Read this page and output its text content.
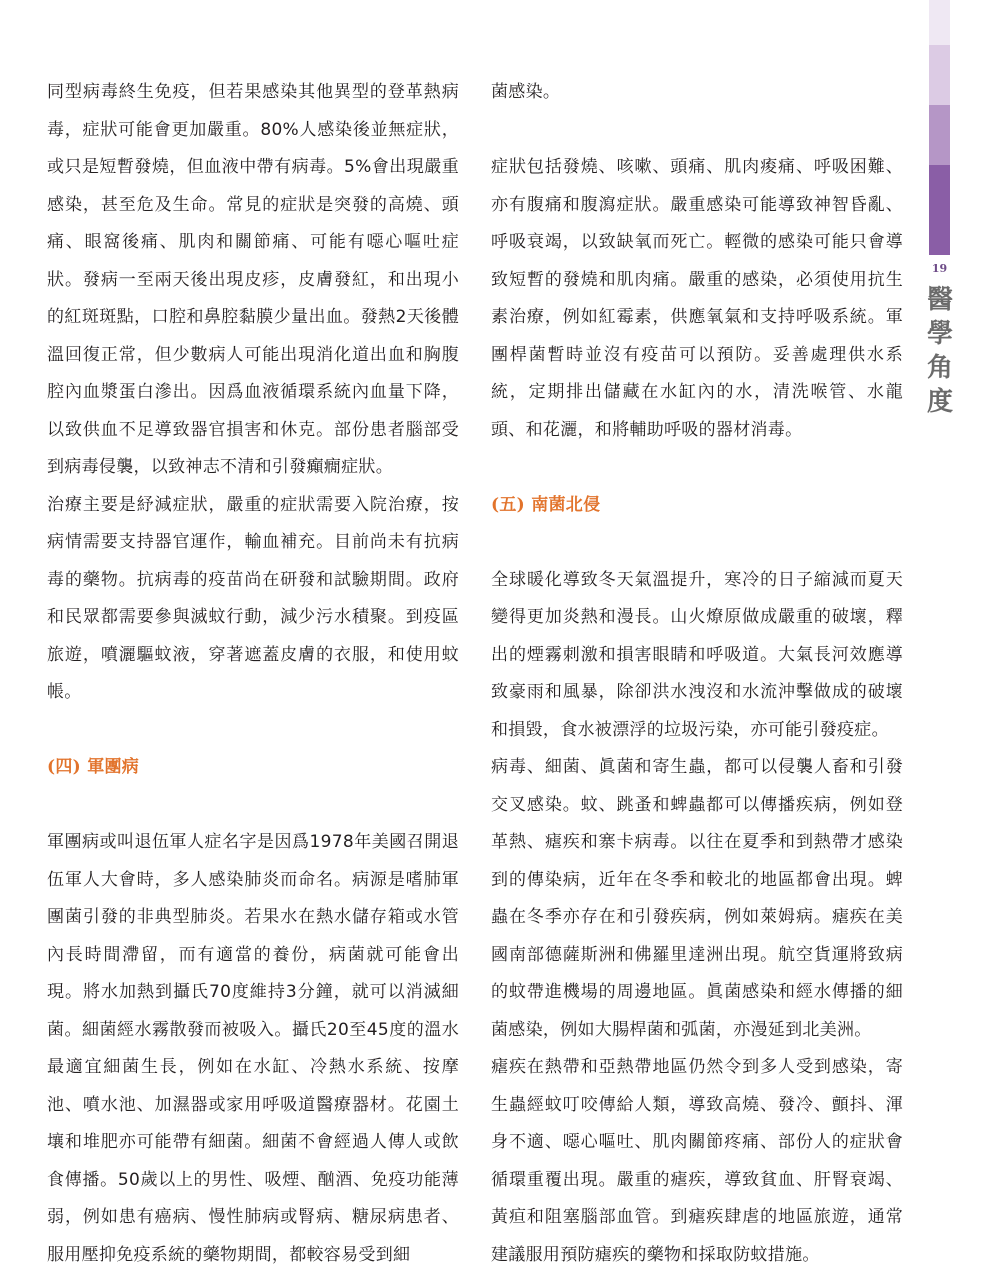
同型病毒終生免疫，但若果感染其他異型的登革熱病毒，症狀可能會更加嚴重。80%人感染後並無症狀，或只是短暫發燒，但血液中帶有病毒。5%會出現嚴重感染，甚至危及生命。常見的症狀是突發的高燒、頭痛、眼窩後痛、肌肉和關節痛、可能有噁心嘔吐症狀。發病一至兩天後出現皮疹，皮膚發紅，和出現小的紅斑斑點，口腔和鼻腔黏膜少量出血。發熱2天後體溫回復正常，但少數病人可能出現消化道出血和胸腹腔內血漿蛋白滲出。因爲血液循環系統內血量下降，以致供血不足導致器官損害和休克。部份患者腦部受到病毒侵襲，以致神志不清和引發癲癇症狀。

治療主要是紓減症狀，嚴重的症狀需要入院治療，按病情需要支持器官運作，輸血補充。目前尚未有抗病毒的藥物。抗病毒的疫苗尚在研發和試驗期間。政府和民眾都需要參與滅蚊行動，減少污水積聚。到疫區旅遊，噴灑驅蚊液，穿著遮蓋皮膚的衣服，和使用蚊帳。

(四) 軍團病

軍團病或叫退伍軍人症名字是因爲1978年美國召開退伍軍人大會時，多人感染肺炎而命名。病源是嗜肺軍團菌引發的非典型肺炎。若果水在熱水儲存箱或水管內長時間滯留，而有適當的養份，病菌就可能會出現。將水加熱到攝氏70度維持3分鐘，就可以消滅細菌。細菌經水霧散發而被吸入。攝氏20至45度的溫水最適宜細菌生長，例如在水缸、冷熱水系統、按摩池、噴水池、加濕器或家用呼吸道醫療器材。花園土壤和堆肥亦可能帶有細菌。細菌不會經過人傳人或飲食傳播。50歲以上的男性、吸煙、酗酒、免疫功能薄弱，例如患有癌病、慢性肺病或腎病、糖尿病患者、服用壓抑免疫系統的藥物期間，都較容易受到細

菌感染。

症狀包括發燒、咳嗽、頭痛、肌肉痠痛、呼吸困難、亦有腹痛和腹瀉症狀。嚴重感染可能導致神智昏亂、呼吸衰竭，以致缺氧而死亡。輕微的感染可能只會導致短暫的發燒和肌肉痛。嚴重的感染，必須使用抗生素治療，例如紅霉素，供應氧氣和支持呼吸系統。軍團桿菌暫時並沒有疫苗可以預防。妥善處理供水系統，定期排出儲藏在水缸內的水，清洗喉管、水龍頭、和花灑，和將輔助呼吸的器材消毒。

(五) 南菌北侵

全球暖化導致冬天氣溫提升，寒冷的日子縮減而夏天變得更加炎熱和漫長。山火燎原做成嚴重的破壞，釋出的煙霧刺激和損害眼睛和呼吸道。大氣長河效應導致豪雨和風暴，除卻洪水洩沒和水流沖擊做成的破壞和損毀，食水被漂浮的垃圾污染，亦可能引發疫症。

病毒、細菌、眞菌和寄生蟲，都可以侵襲人畜和引發交叉感染。蚊、跳蚤和蜱蟲都可以傳播疾病，例如登革熱、瘧疾和寨卡病毒。以往在夏季和到熱帶才感染到的傳染病，近年在冬季和較北的地區都會出現。蜱蟲在冬季亦存在和引發疾病，例如萊姆病。瘧疾在美國南部德薩斯洲和佛羅里達洲出現。航空貨運將致病的蚊帶進機場的周邊地區。眞菌感染和經水傳播的細菌感染，例如大腸桿菌和弧菌，亦漫延到北美洲。

瘧疾在熱帶和亞熱帶地區仍然令到多人受到感染，寄生蟲經蚊叮咬傳給人類，導致高燒、發冷、顫抖、渾身不適、噁心嘔吐、肌肉關節疼痛、部份人的症狀會循環重覆出現。嚴重的瘧疾，導致貧血、肝腎衰竭、黃疸和阻塞腦部血管。到瘧疾肆虐的地區旅遊，通常建議服用預防瘧疾的藥物和採取防蚊措施。

19
醫
學
角
度
